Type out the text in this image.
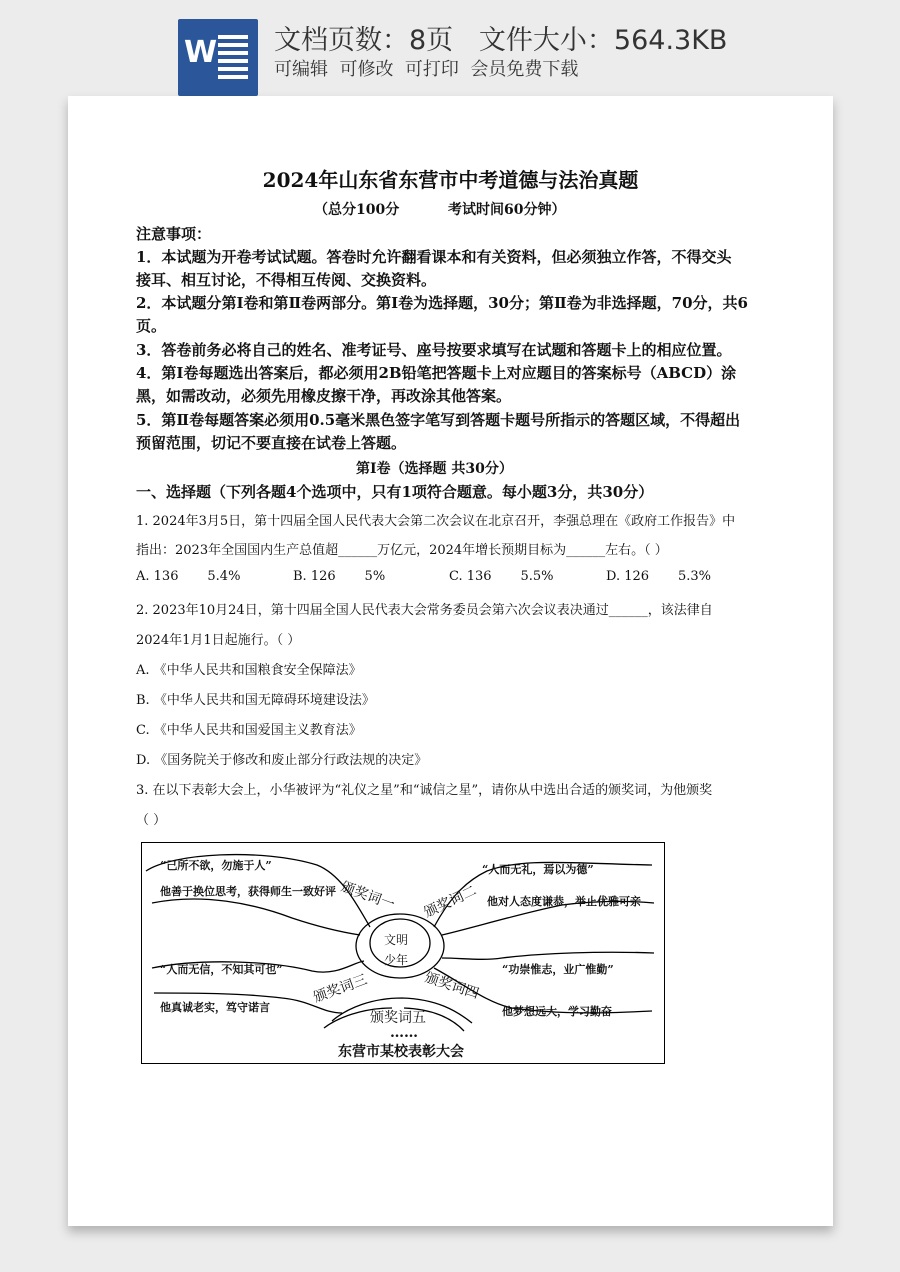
W 文档页数：8页   文件大小：564.3KB
可编辑  可修改  可打印  会员免费下载
2024年山东省东营市中考道德与法治真题
（总分100分          考试时间60分钟）
注意事项：
1．本试题为开卷考试试题。答卷时允许翻看课本和有关资料，但必须独立作答，不得交头
接耳、相互讨论，不得相互传阅、交换资料。
2．本试题分第Ⅰ卷和第Ⅱ卷两部分。第Ⅰ卷为选择题，30分；第Ⅱ卷为非选择题，70分，共6
页。
3．答卷前务必将自己的姓名、准考证号、座号按要求填写在试题和答题卡上的相应位置。
4．第Ⅰ卷每题选出答案后，都必须用2B铅笔把答题卡上对应题目的答案标号（ABCD）涂
黑，如需改动，必须先用橡皮擦干净，再改涂其他答案。
5．第Ⅱ卷每题答案必须用0.5毫米黑色签字笔写到答题卡题号所指示的答题区域，不得超出
预留范围，切记不要直接在试卷上答题。
第Ⅰ卷（选择题 共30分）
一、选择题（下列各题4个选项中，只有1项符合题意。每小题3分，共30分）
1. 2024年3月5日，第十四届全国人民代表大会第二次会议在北京召开，李强总理在《政府工作报告》中
指出：2023年全国国内生产总值超______万亿元，2024年增长预期目标为______左右。（ ）
A. 136       5.4%	B. 126       5%	C. 136       5.5%	D. 126       5.3%
2. 2023年10月24日，第十四届全国人民代表大会常务委员会第六次会议表决通过______，该法律自
2024年1月1日起施行。（ ）
A. 《中华人民共和国粮食安全保障法》
B. 《中华人民共和国无障碍环境建设法》
C. 《中华人民共和国爱国主义教育法》
D. 《国务院关于修改和废止部分行政法规的决定》
3. 在以下表彰大会上，小华被评为“礼仪之星”和“诚信之星”，请你从中选出合适的颁奖词，为他颁奖
（ ）
文明
少年
“己所不欲，勿施于人”
他善于换位思考，获得师生一致好评 颁奖词一
“人而无礼，焉以为德”
他对人态度谦恭，举止优雅可亲
颁奖词二
“人而无信，不知其可也”
他真诚老实，笃守诺言
颁奖词三
“功崇惟志，业广惟勤”
他梦想远大，学习勤奋
颁奖词四
颁奖词五
……
东营市某校表彰大会
